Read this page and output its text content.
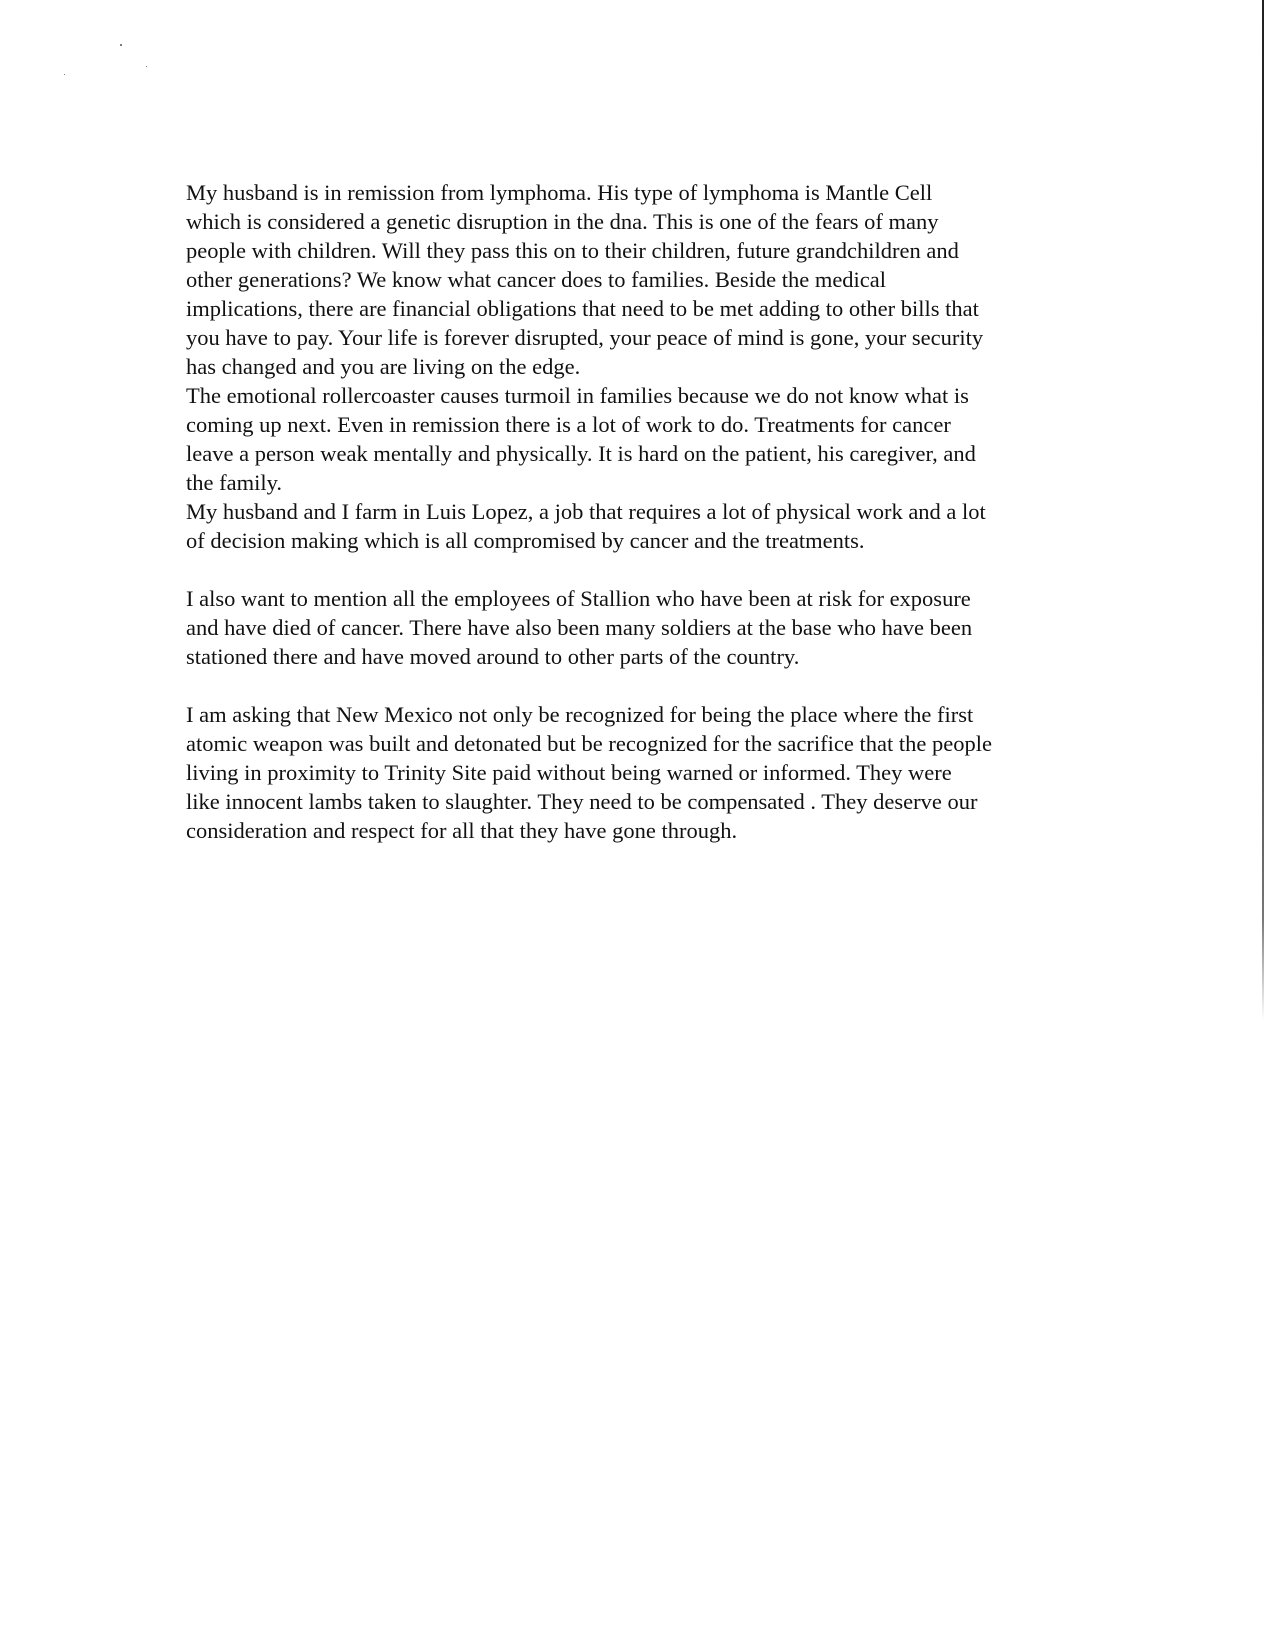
My husband is in remission from lymphoma. His type of lymphoma is Mantle Cell
which is considered a genetic disruption in the dna. This is one of the fears of many
people with children. Will they pass this on to their children, future grandchildren and
other generations? We know what cancer does to families. Beside the medical
implications, there are financial obligations that need to be met adding to other bills that
you have to pay. Your life is forever disrupted, your peace of mind is gone, your security
has changed and you are living on the edge.
The emotional rollercoaster causes turmoil in families because we do not know what is
coming up next. Even in remission there is a lot of work to do. Treatments for cancer
leave a person weak mentally and physically. It is hard on the patient, his caregiver, and
the family.
My husband and I farm in Luis Lopez, a job that requires a lot of physical work and a lot
of decision making which is all compromised by cancer and the treatments.
I also want to mention all the employees of Stallion who have been at risk for exposure
and have died of cancer. There have also been many soldiers at the base who have been
stationed there and have moved around to other parts of the country.
I am asking that New Mexico not only be recognized for being the place where the first
atomic weapon was built and detonated but be recognized for the sacrifice that the people
living in proximity to Trinity Site paid without being warned or informed. They were
like innocent lambs taken to slaughter. They need to be compensated . They deserve our
consideration and respect for all that they have gone through.
